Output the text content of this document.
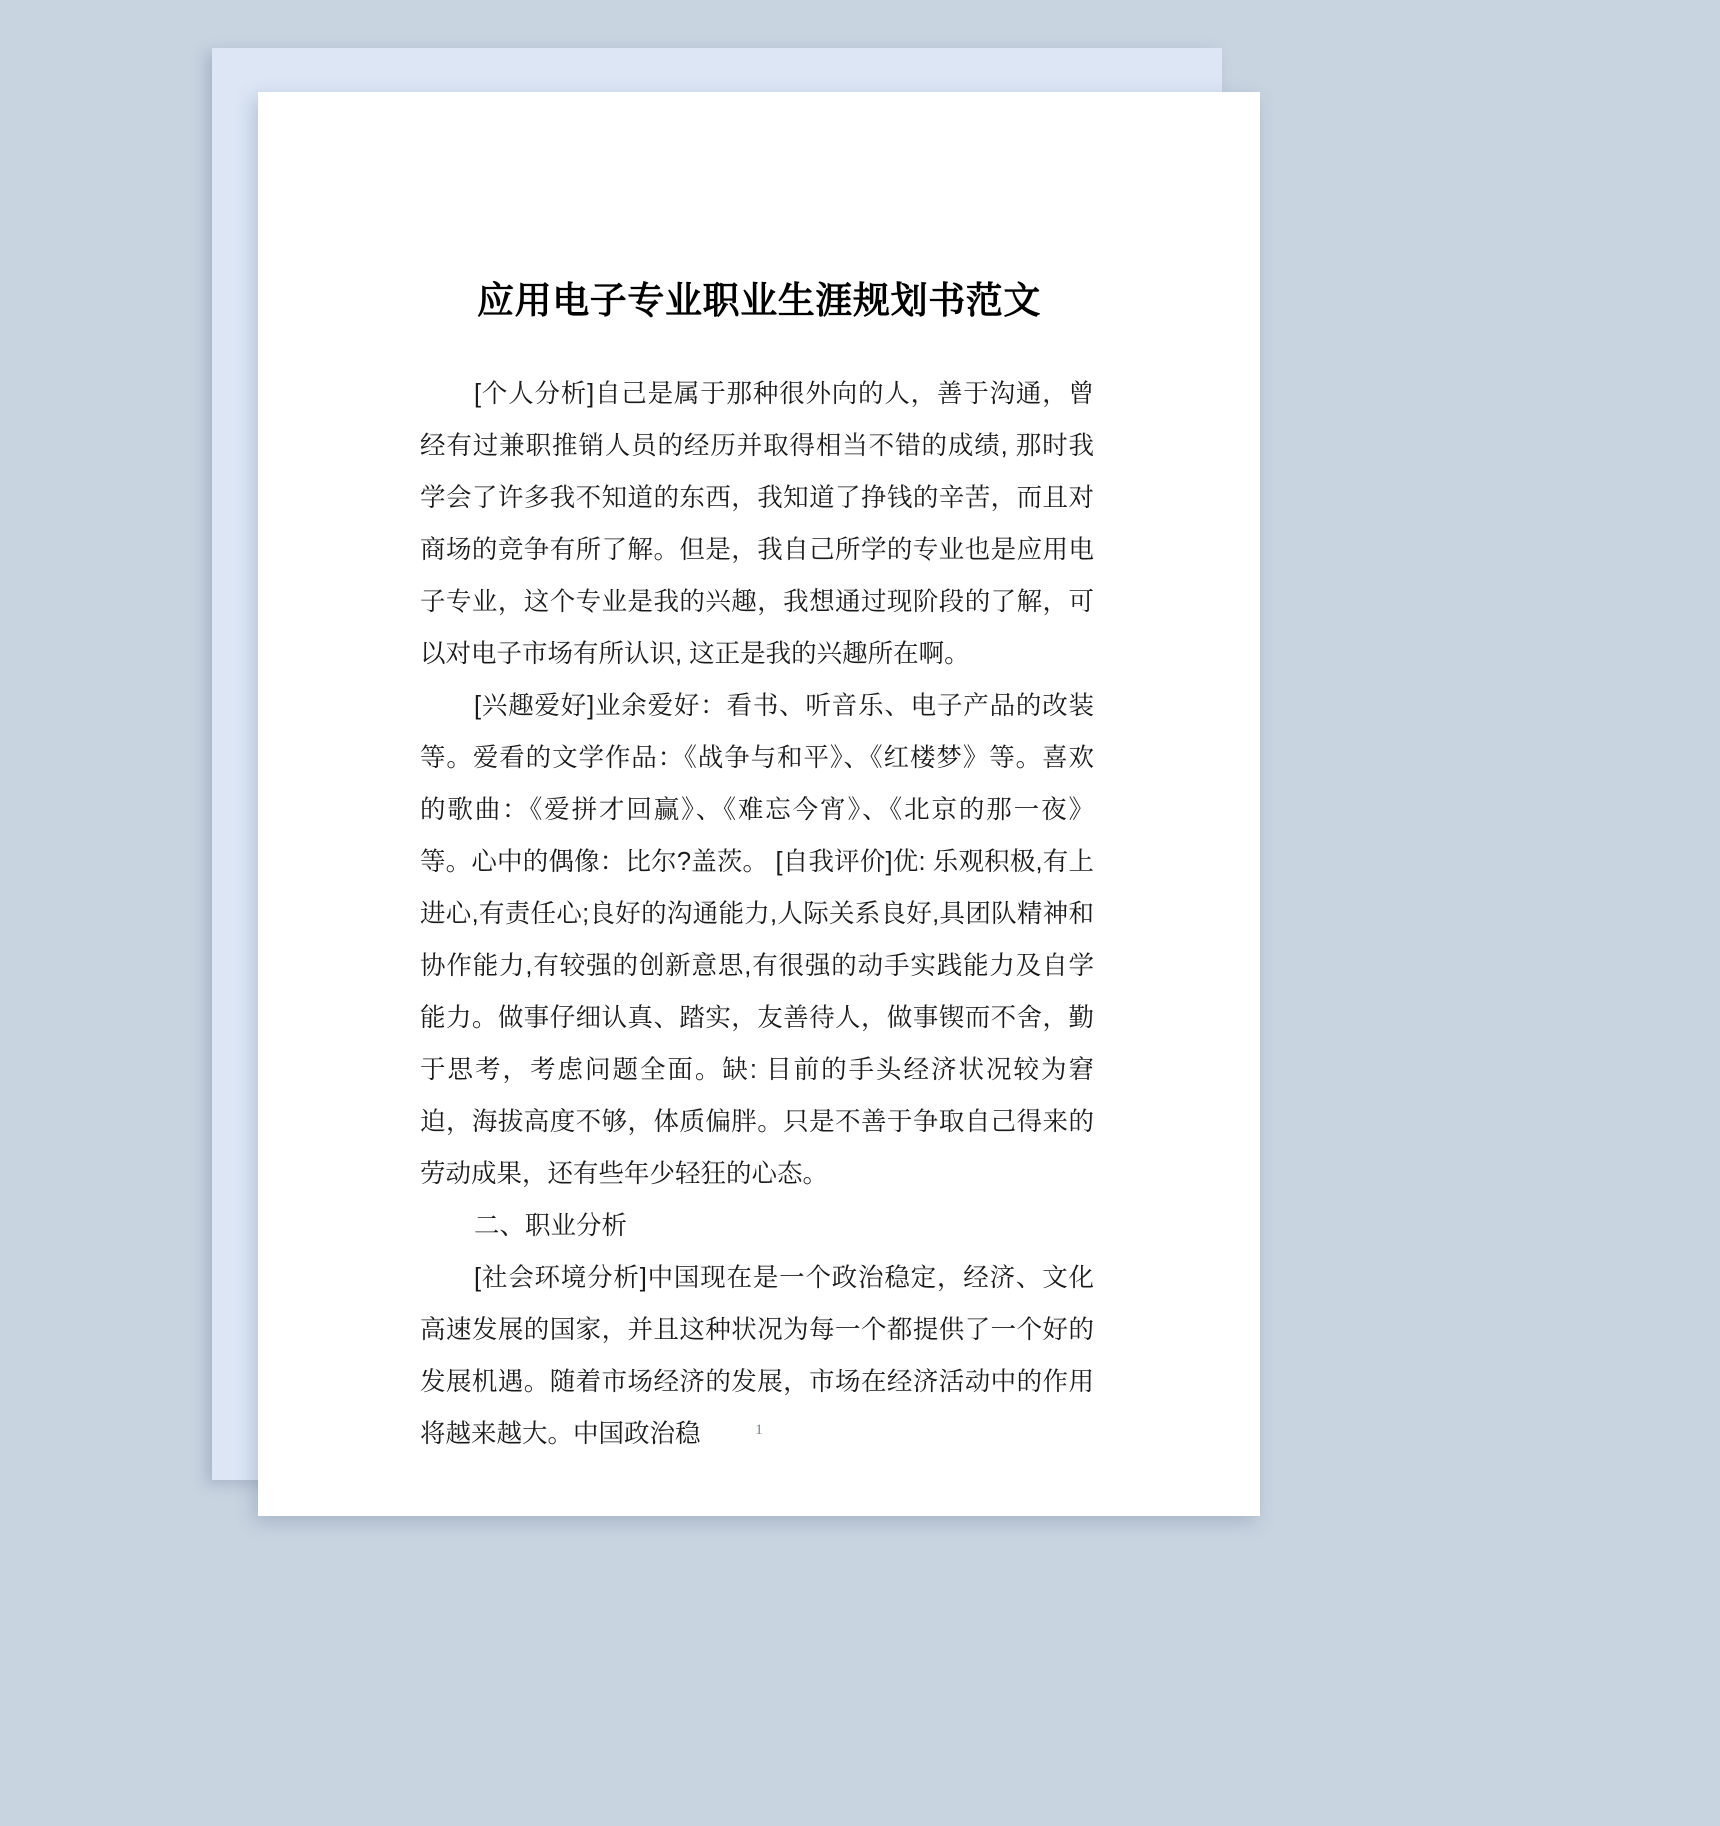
应用电子专业职业生涯规划书范文

[个人分析]自己是属于那种很外向的人，善于沟通，曾经有过兼职推销人员的经历并取得相当不错的成绩, 那时我学会了许多我不知道的东西，我知道了挣钱的辛苦，而且对商场的竞争有所了解。但是，我自己所学的专业也是应用电子专业，这个专业是我的兴趣，我想通过现阶段的了解，可以对电子市场有所认识, 这正是我的兴趣所在啊。

[兴趣爱好]业余爱好：看书、听音乐、电子产品的改装等。爱看的文学作品：《战争与和平》、《红楼梦》等。喜欢的歌曲：《爱拼才回赢》、《难忘今宵》、《北京的那一夜》等。心中的偶像：比尔?盖茨。 [自我评价]优: 乐观积极,有上进心,有责任心;良好的沟通能力,人际关系良好,具团队精神和协作能力,有较强的创新意思,有很强的动手实践能力及自学能力。做事仔细认真、踏实，友善待人，做事锲而不舍，勤于思考，考虑问题全面。缺: 目前的手头经济状况较为窘迫，海拔高度不够，体质偏胖。只是不善于争取自己得来的劳动成果，还有些年少轻狂的心态。

二、职业分析

[社会环境分析]中国现在是一个政治稳定，经济、文化高速发展的国家，并且这种状况为每一个都提供了一个好的发展机遇。随着市场经济的发展，市场在经济活动中的作用将越来越大。中国政治稳	1
